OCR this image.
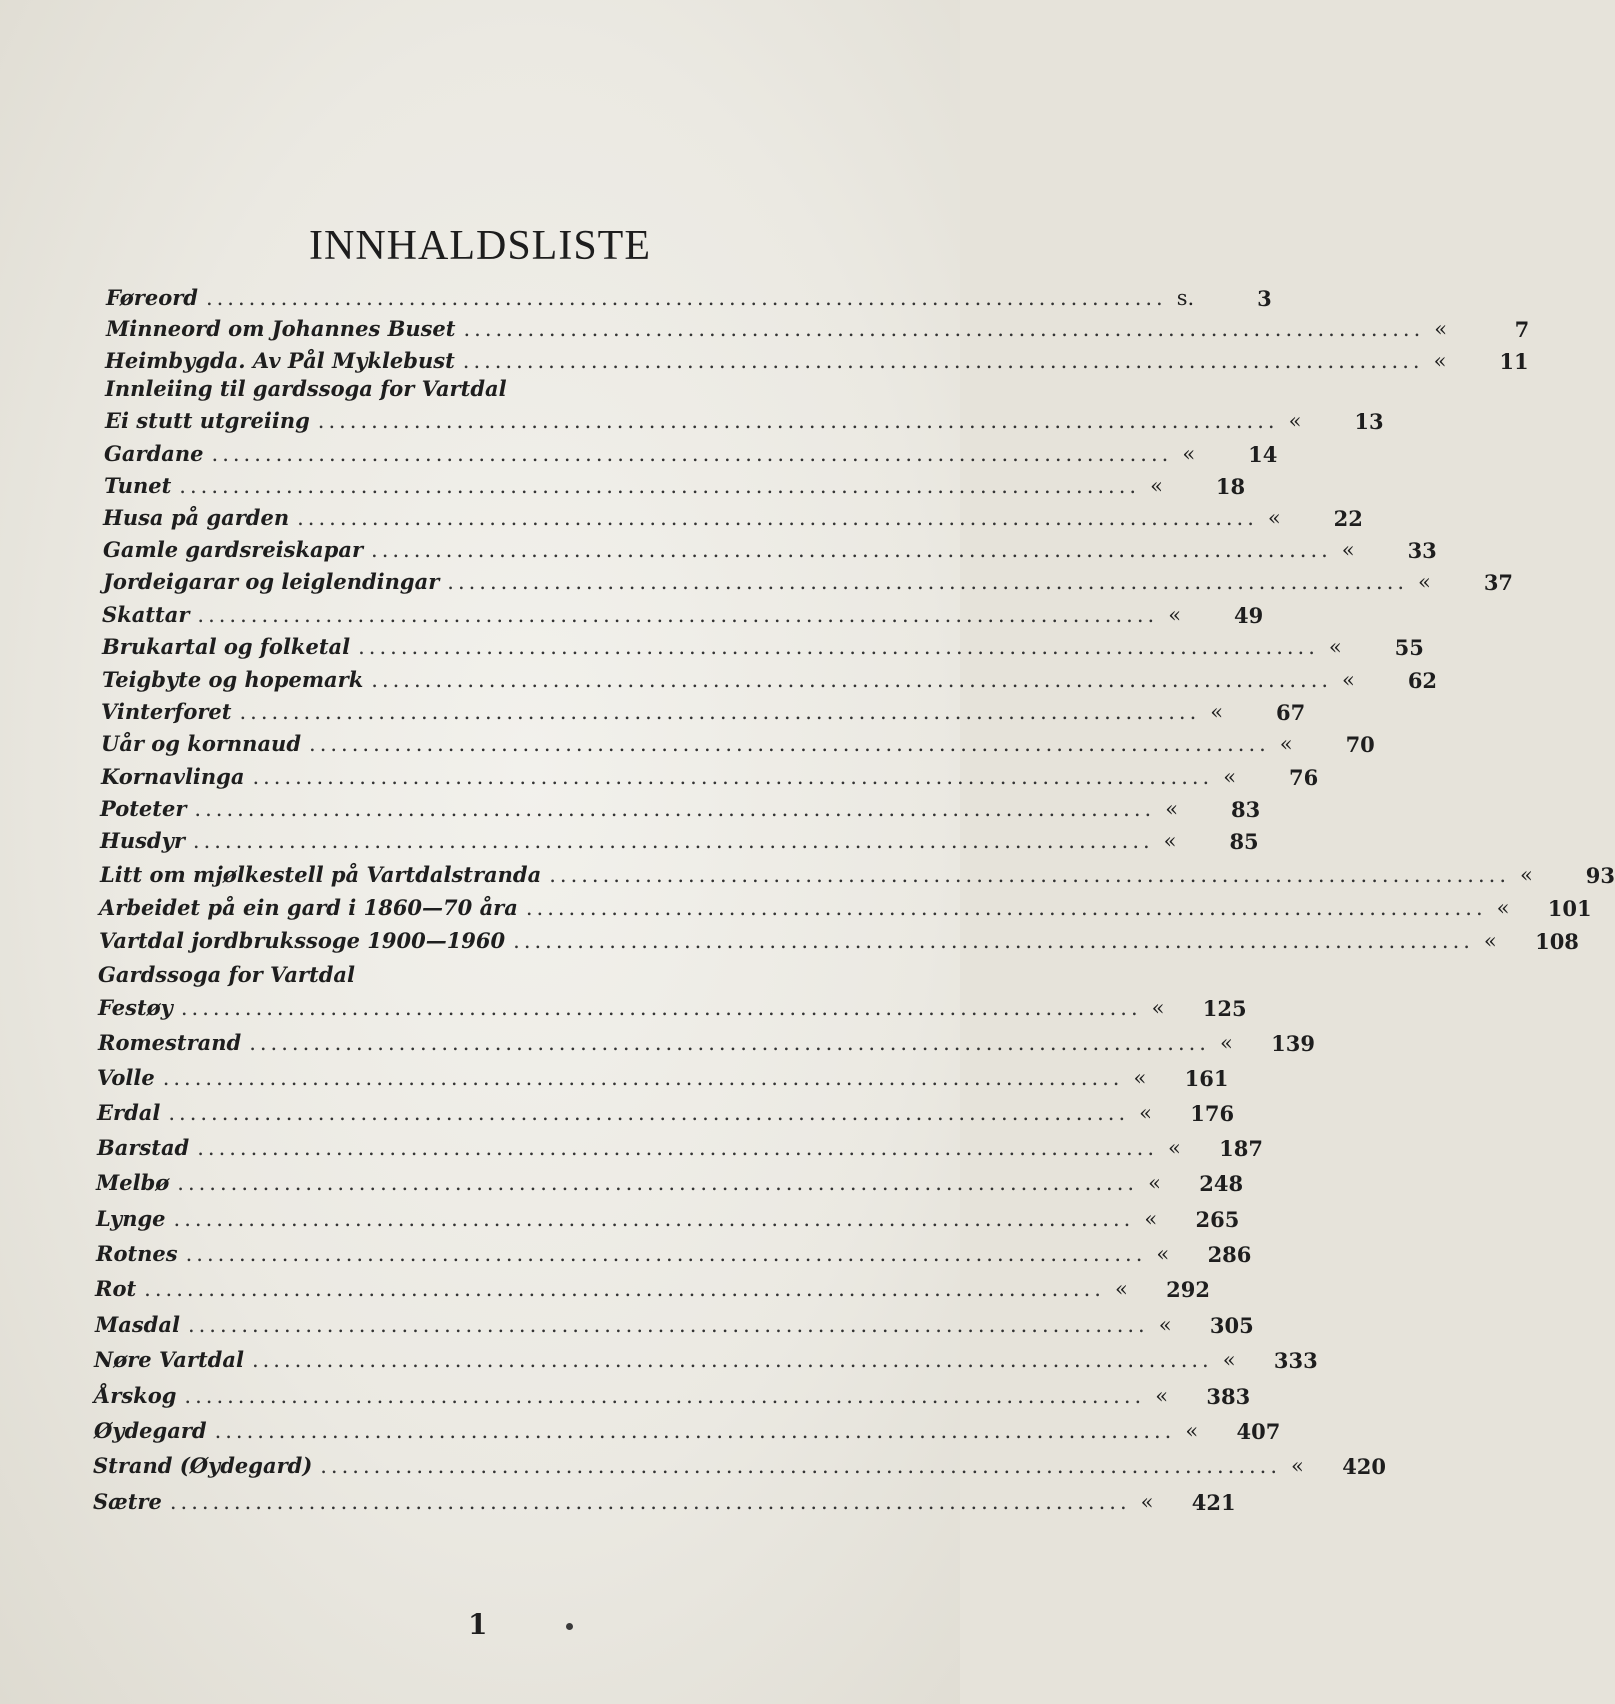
INNHALDSLISTE
Føreord .......................................................................................... s.	3
Minneord om Johannes Buset .......................................................................................... «	7
Heimbygda. Av Pål Myklebust .......................................................................................... «	11
Innleiing til gardssoga for Vartdal
Ei stutt utgreiing .......................................................................................... «	13
Gardane .......................................................................................... «	14
Tunet .......................................................................................... «	18
Husa på garden .......................................................................................... «	22
Gamle gardsreiskapar .......................................................................................... «	33
Jordeigarar og leiglendingar .......................................................................................... «	37
Skattar .......................................................................................... «	49
Brukartal og folketal .......................................................................................... «	55
Teigbyte og hopemark .......................................................................................... «	62
Vinterforet .......................................................................................... «	67
Uår og kornnaud .......................................................................................... «	70
Kornavlinga .......................................................................................... «	76
Poteter .......................................................................................... «	83
Husdyr .......................................................................................... «	85
Litt om mjølkestell på Vartdalstranda .......................................................................................... «	93
Arbeidet på ein gard i 1860—70 åra .......................................................................................... « 101
Vartdal jordbrukssoge 1900—1960 .......................................................................................... « 108
Gardssoga for Vartdal
Festøy .......................................................................................... « 125
Romestrand .......................................................................................... « 139
Volle .......................................................................................... « 161
Erdal .......................................................................................... « 176
Barstad .......................................................................................... « 187
Melbø .......................................................................................... « 248
Lynge .......................................................................................... « 265
Rotnes .......................................................................................... « 286
Rot .......................................................................................... « 292
Masdal .......................................................................................... « 305
Nøre Vartdal .......................................................................................... « 333
Årskog .......................................................................................... « 383
Øydegard .......................................................................................... « 407
Strand (Øydegard) .......................................................................................... « 420
Sætre .......................................................................................... « 421
1
